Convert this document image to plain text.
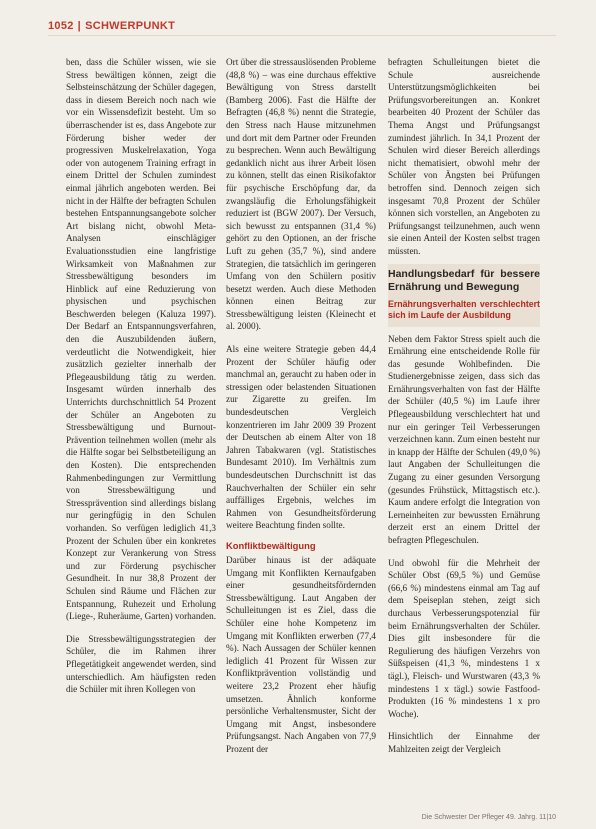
1052 | SCHWERPUNKT

ben, dass die Schüler wissen, wie sie Stress bewältigen können, zeigt die Selbsteinschätzung der Schüler dagegen, dass in diesem Bereich noch nach wie vor ein Wissensdefizit besteht. Um so überraschender ist es, dass Angebote zur Förderung bisher weder der progressiven Muskelrelaxation, Yoga oder von autogenem Training erfragt in einem Drittel der Schulen zumindest einmal jährlich angeboten werden. Bei nicht in der Hälfte der befragten Schulen bestehen Entspannungsangebote solcher Art bislang nicht, obwohl Meta-Analysen einschlägiger Evaluationsstudien eine langfristige Wirksamkeit von Maßnahmen zur Stressbewältigung besonders im Hinblick auf eine Reduzierung von physischen und psychischen Beschwerden belegen (Kaluza 1997). Der Bedarf an Entspannungsverfahren, den die Auszubildenden äußern, verdeutlicht die Notwendigkeit, hier zusätzlich gezielter innerhalb der Pflegeausbildung tätig zu werden. Insgesamt würden innerhalb des Unterrichts durchschnittlich 54 Prozent der Schüler an Angeboten zu Stressbewältigung und Burnout-Prävention teilnehmen wollen (mehr als die Hälfte sogar bei Selbstbeteiligung an den Kosten). Die entsprechenden Rahmenbedingungen zur Vermittlung von Stressbewältigung und Stressprävention sind allerdings bislang nur geringfügig in den Schulen vorhanden. So verfügen lediglich 41,3 Prozent der Schulen über ein konkretes Konzept zur Verankerung von Stress und zur Förderung psychischer Gesundheit. In nur 38,8 Prozent der Schulen sind Räume und Flächen zur Entspannung, Ruhezeit und Erholung (Liege-, Ruheräume, Garten) vorhanden.

Die Stressbewältigungsstrategien der Schüler, die im Rahmen ihrer Pflegetätigkeit angewendet werden, sind unterschiedlich. Am häufigsten reden die Schüler mit ihren Kollegen von

Ort über die stressauslösenden Probleme (48,8 %) – was eine durchaus effektive Bewältigung von Stress darstellt (Bamberg 2006). Fast die Hälfte der Befragten (46,8 %) nennt die Strategie, den Stress nach Hause mitzunehmen und dort mit dem Partner oder Freunden zu besprechen. Wenn auch Bewältigung gedanklich nicht aus ihrer Arbeit lösen zu können, stellt das einen Risikofaktor für psychische Erschöpfung dar, da zwangsläufig die Erholungsfähigkeit reduziert ist (BGW 2007). Der Versuch, sich bewusst zu entspannen (31,4 %) gehört zu den Optionen, an der frische Luft zu gehen (35,7 %), sind andere Strategien, die tatsächlich im geringeren Umfang von den Schülern positiv besetzt werden. Auch diese Methoden können einen Beitrag zur Stressbewältigung leisten (Kleinecht et al. 2000).

Als eine weitere Strategie geben 44,4 Prozent der Schüler häufig oder manchmal an, geraucht zu haben oder in stressigen oder belastenden Situationen zur Zigarette zu greifen. Im bundesdeutschen Vergleich konzentrieren im Jahr 2009 39 Prozent der Deutschen ab einem Alter von 18 Jahren Tabakwaren (vgl. Statistisches Bundesamt 2010). Im Verhältnis zum bundesdeutschen Durchschnitt ist das Rauchverhalten der Schüler ein sehr auffälliges Ergebnis, welches im Rahmen von Gesundheitsförderung weitere Beachtung finden sollte.

Konfliktbewältigung

Darüber hinaus ist der adäquate Umgang mit Konflikten Kernaufgaben einer gesundheitsfördernden Stressbewältigung. Laut Angaben der Schulleitungen ist es Ziel, dass die Schüler eine hohe Kompetenz im Umgang mit Konflikten erwerben (77,4 %). Nach Aussagen der Schüler kennen lediglich 41 Prozent für Wissen zur Konfliktprävention vollständig und weitere 23,2 Prozent eher häufig umsetzen. Ähnlich konforme persönliche Verhaltensmuster, Sicht der Umgang mit Angst, insbesondere Prüfungsangst. Nach Angaben von 77,9 Prozent der

befragten Schulleitungen bietet die Schule ausreichende Unterstützungsmöglichkeiten bei Prüfungsvorbereitungen an. Konkret bearbeiten 40 Prozent der Schüler das Thema Angst und Prüfungsangst zumindest jährlich. In 34,1 Prozent der Schulen wird dieser Bereich allerdings nicht thematisiert, obwohl mehr der Schüler von Ängsten bei Prüfungen betroffen sind. Dennoch zeigen sich insgesamt 70,8 Prozent der Schüler können sich vorstellen, an Angeboten zu Prüfungsangst teilzunehmen, auch wenn sie einen Anteil der Kosten selbst tragen müssten.

Handlungsbedarf für bessere Ernährung und Bewegung
Ernährungsverhalten verschlechtert sich im Laufe der Ausbildung

Neben dem Faktor Stress spielt auch die Ernährung eine entscheidende Rolle für das gesunde Wohlbefinden. Die Studienergebnisse zeigen, dass sich das Ernährungsverhalten von fast der Hälfte der Schüler (40,5 %) im Laufe ihrer Pflegeausbildung verschlechtert hat und nur ein geringer Teil Verbesserungen verzeichnen kann. Zum einen besteht nur in knapp der Hälfte der Schulen (49,0 %) laut Angaben der Schulleitungen die Zugang zu einer gesunden Versorgung (gesundes Frühstück, Mittagstisch etc.). Kaum andere erfolgt die Integration von Lerneinheiten zur bewussten Ernährung derzeit erst an einem Drittel der befragten Pflegeschulen.

Und obwohl für die Mehrheit der Schüler Obst (69,5 %) und Gemüse (66,6 %) mindestens einmal am Tag auf dem Speiseplan stehen, zeigt sich durchaus Verbesserungspotenzial für beim Ernährungsverhalten der Schüler. Dies gilt insbesondere für die Regulierung des häufigen Verzehrs von Süßspeisen (41,3 %, mindestens 1 x tägl.), Fleisch- und Wurstwaren (43,3 % mindestens 1 x tägl.) sowie Fastfood-Produkten (16 % mindestens 1 x pro Woche).

Hinsichtlich der Einnahme der Mahlzeiten zeigt der Vergleich

Die Schwester Der Pfleger 49. Jahrg. 11|10
